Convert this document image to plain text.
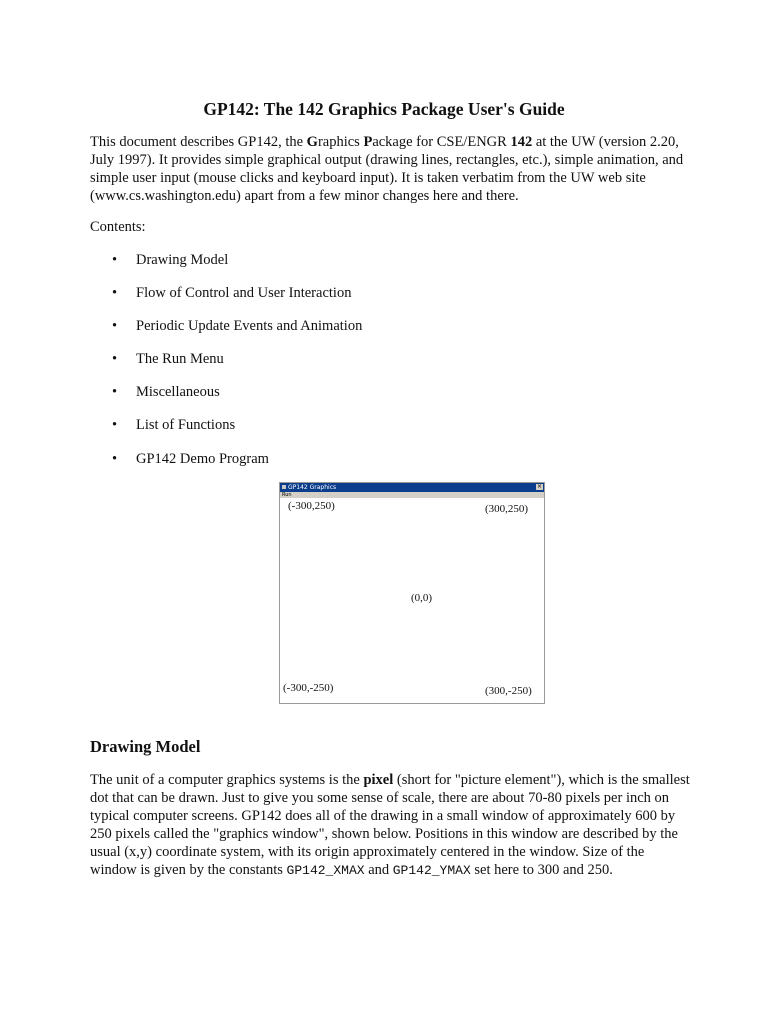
GP142: The 142 Graphics Package User's Guide

This document describes GP142, the Graphics Package for CSE/ENGR 142 at the UW (version 2.20, July 1997). It provides simple graphical output (drawing lines, rectangles, etc.), simple animation, and simple user input (mouse clicks and keyboard input). It is taken verbatim from the UW web site (www.cs.washington.edu) apart from a few minor changes here and there.

Contents:

•	Drawing Model
•	Flow of Control and User Interaction
•	Periodic Update Events and Animation
•	The Run Menu
•	Miscellaneous
•	List of Functions
•	GP142 Demo Program
GP142 Graphics	×
Run
(-300,250)	(300,250)
(0,0)
(-300,-250)	(300,-250)
Drawing Model

The unit of a computer graphics systems is the pixel (short for "picture element"), which is the smallest dot that can be drawn. Just to give you some sense of scale, there are about 70-80 pixels per inch on typical computer screens. GP142 does all of the drawing in a small window of approximately 600 by 250 pixels called the "graphics window", shown below. Positions in this window are described by the usual (x,y) coordinate system, with its origin approximately centered in the window. Size of the window is given by the constants GP142_XMAX and GP142_YMAX set here to 300 and 250.
